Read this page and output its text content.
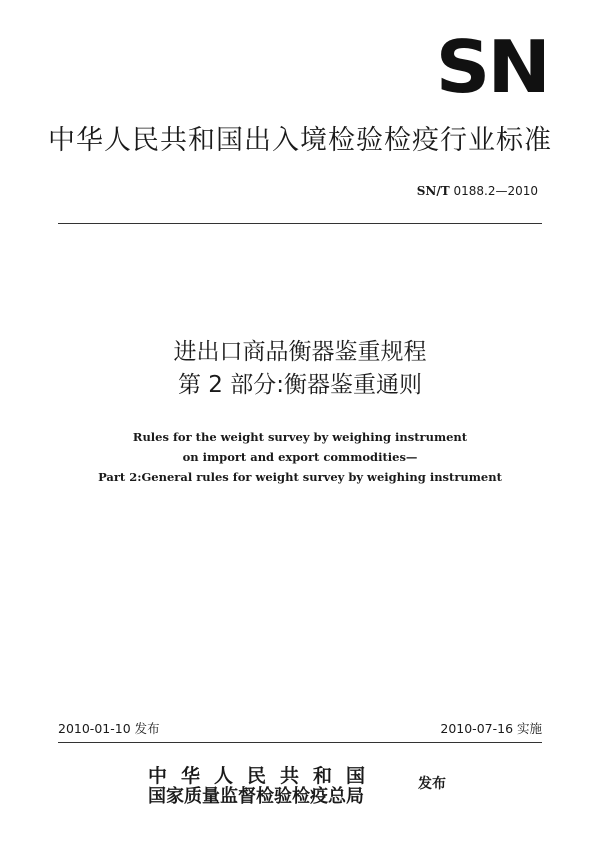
SN
中华人民共和国出入境检验检疫行业标准
SN/T 0188.2—2010
进出口商品衡器鉴重规程
第 2 部分:衡器鉴重通则
Rules for the weight survey by weighing instrument
on import and export commodities—
Part 2:General rules for weight survey by weighing instrument
2010-01-10 发布	2010-07-16 实施
中华人民共和国
国家质量监督检验检疫总局
发布
